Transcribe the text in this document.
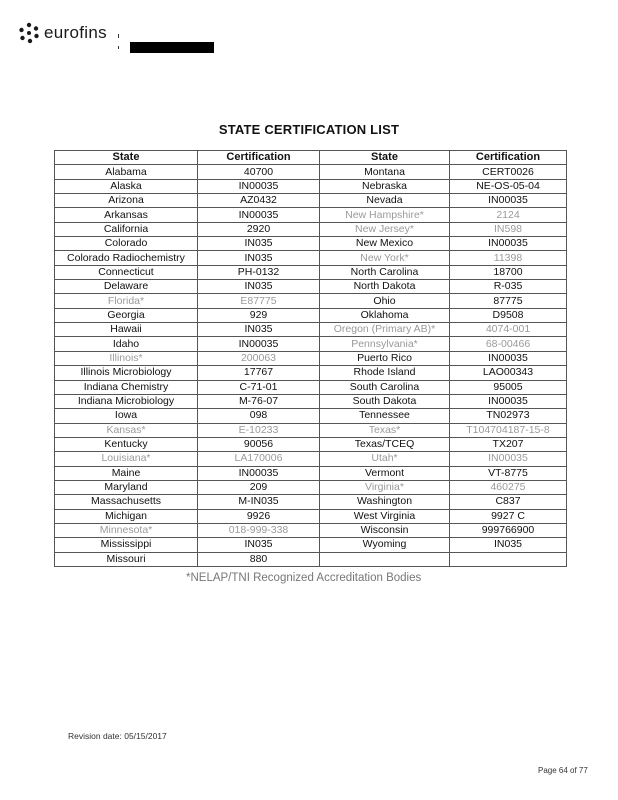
eurofins
STATE CERTIFICATION LIST
State	Certification	State	Certification
Alabama	40700	Montana	CERT0026
Alaska	IN00035	Nebraska	NE-OS-05-04
Arizona	AZ0432	Nevada	IN00035
Arkansas	IN00035	New Hampshire*	2124
California	2920	New Jersey*	IN598
Colorado	IN035	New Mexico	IN00035
Colorado Radiochemistry	IN035	New York*	11398
Connecticut	PH-0132	North Carolina	18700
Delaware	IN035	North Dakota	R-035
Florida*	E87775	Ohio	87775
Georgia	929	Oklahoma	D9508
Hawaii	IN035	Oregon (Primary AB)*	4074-001
Idaho	IN00035	Pennsylvania*	68-00466
Illinois*	200063	Puerto Rico	IN00035
Illinois Microbiology	17767	Rhode Island	LAO00343
Indiana Chemistry	C-71-01	South Carolina	95005
Indiana Microbiology	M-76-07	South Dakota	IN00035
Iowa	098	Tennessee	TN02973
Kansas*	E-10233	Texas*	T104704187-15-8
Kentucky	90056	Texas/TCEQ	TX207
Louisiana*	LA170006	Utah*	IN00035
Maine	IN00035	Vermont	VT-8775
Maryland	209	Virginia*	460275
Massachusetts	M-IN035	Washington	C837
Michigan	9926	West Virginia	9927 C
Minnesota*	018-999-338	Wisconsin	999766900
Mississippi	IN035	Wyoming	IN035
Missouri	880		
*NELAP/TNI Recognized Accreditation Bodies
Revision date: 05/15/2017
Page 64 of 77
